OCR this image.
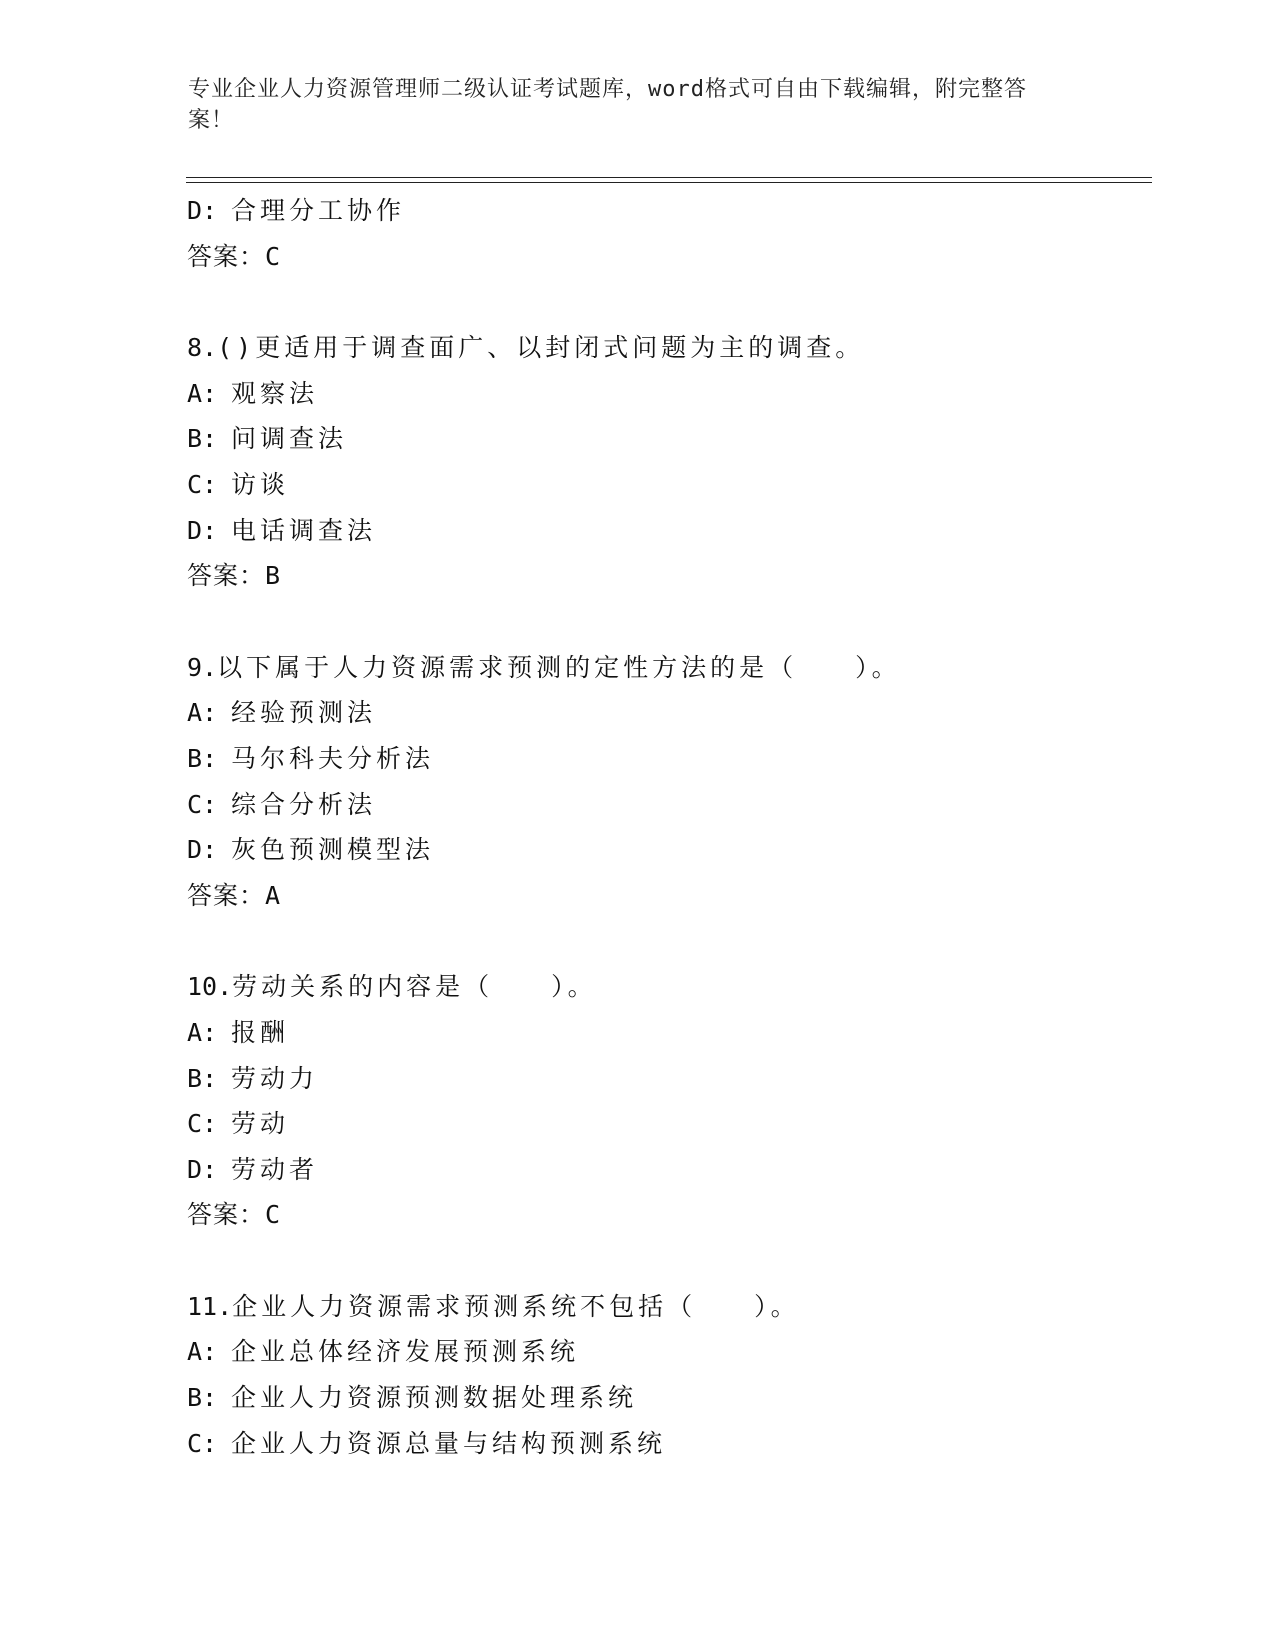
专业企业人力资源管理师二级认证考试题库，word格式可自由下载编辑，附完整答案！
D: 合理分工协作
答案：C
8.()更适用于调查面广、以封闭式问题为主的调查。
A: 观察法
B: 问调查法
C: 访谈
D: 电话调查法
答案：B
9.以下属于人力资源需求预测的定性方法的是（　　）。
A: 经验预测法
B: 马尔科夫分析法
C: 综合分析法
D: 灰色预测模型法
答案：A
10.劳动关系的内容是（　　）。
A: 报酬
B: 劳动力
C: 劳动
D: 劳动者
答案：C
11.企业人力资源需求预测系统不包括（　　）。
A: 企业总体经济发展预测系统
B: 企业人力资源预测数据处理系统
C: 企业人力资源总量与结构预测系统
